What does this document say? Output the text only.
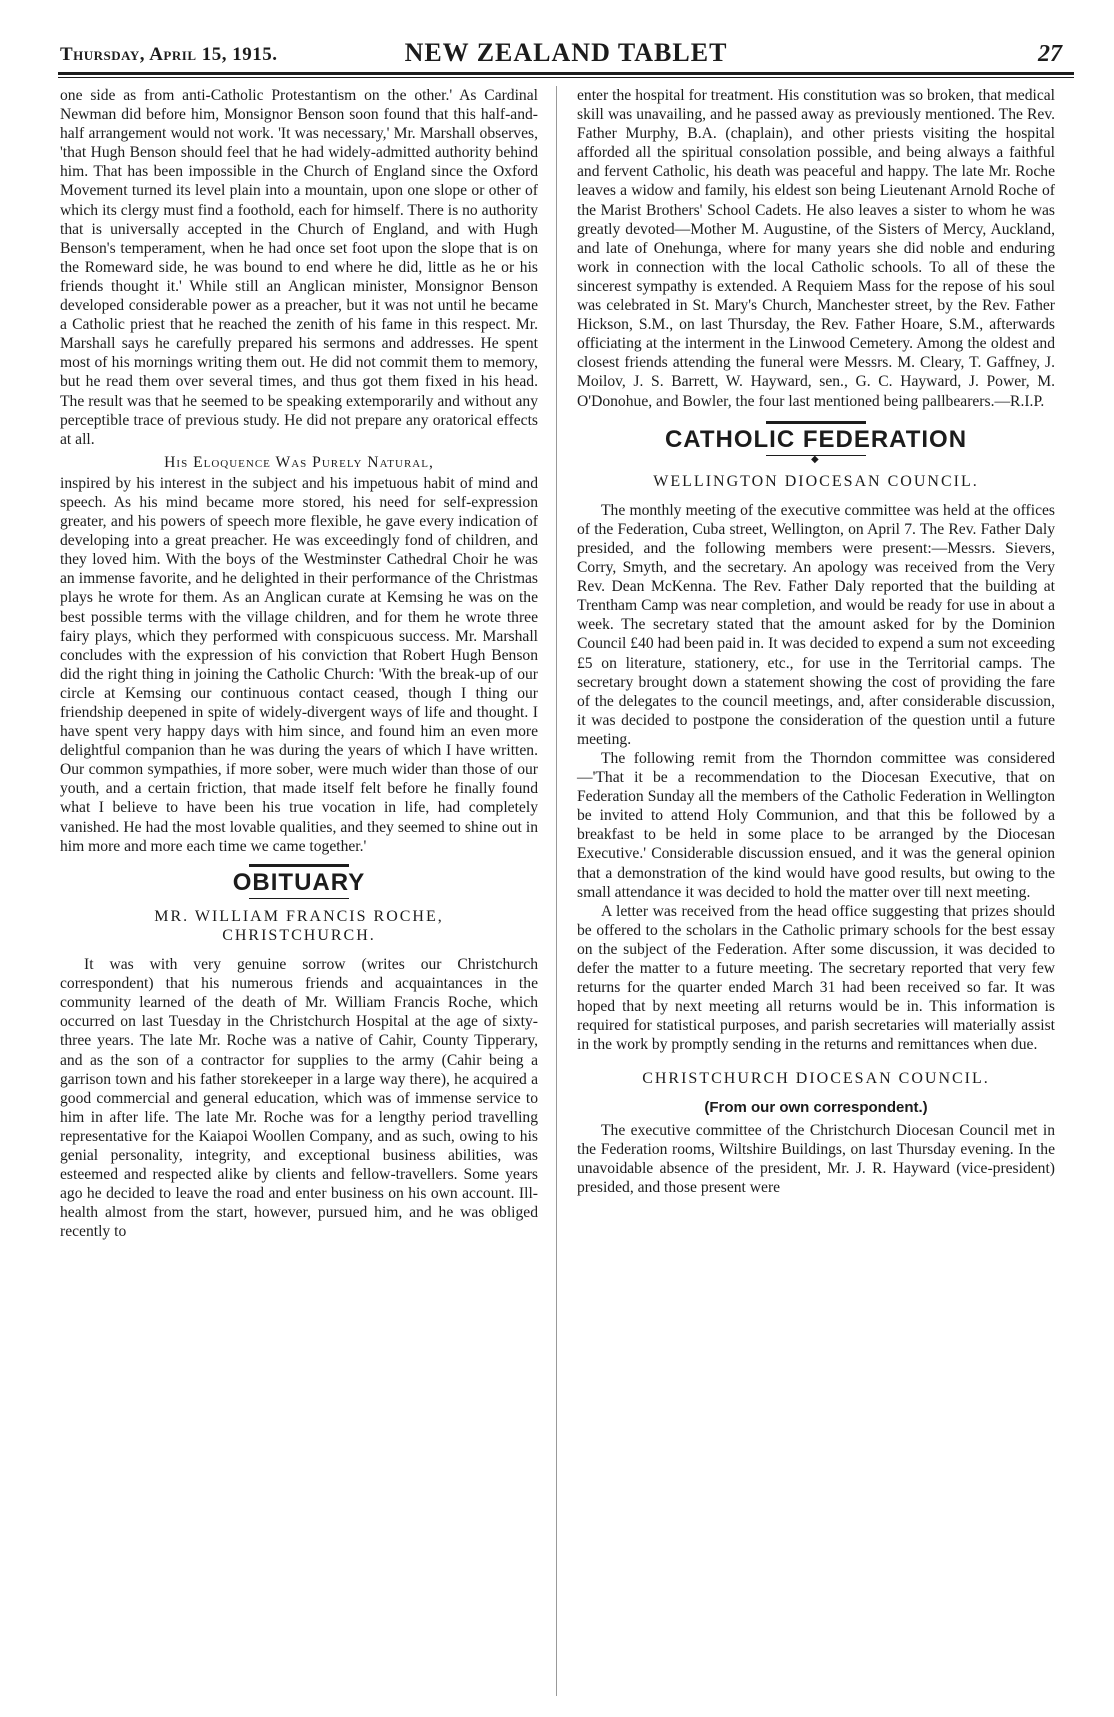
Thursday, April 15, 1915.	NEW ZEALAND TABLET	27

one side as from anti-Catholic Protestantism on the other.' As Cardinal Newman did before him, Monsignor Benson soon found that this half-and-half arrangement would not work. 'It was necessary,' Mr. Marshall observes, 'that Hugh Benson should feel that he had widely-admitted authority behind him. That has been impossible in the Church of England since the Oxford Movement turned its level plain into a mountain, upon one slope or other of which its clergy must find a foothold, each for himself. There is no authority that is universally accepted in the Church of England, and with Hugh Benson's temperament, when he had once set foot upon the slope that is on the Romeward side, he was bound to end where he did, little as he or his friends thought it.' While still an Anglican minister, Monsignor Benson developed considerable power as a preacher, but it was not until he became a Catholic priest that he reached the zenith of his fame in this respect. Mr. Marshall says he carefully prepared his sermons and addresses. He spent most of his mornings writing them out. He did not commit them to memory, but he read them over several times, and thus got them fixed in his head. The result was that he seemed to be speaking extemporarily and without any perceptible trace of previous study. He did not prepare any oratorical effects at all.

His Eloquence Was Purely Natural,

inspired by his interest in the subject and his impetuous habit of mind and speech. As his mind became more stored, his need for self-expression greater, and his powers of speech more flexible, he gave every indication of developing into a great preacher. He was exceedingly fond of children, and they loved him. With the boys of the Westminster Cathedral Choir he was an immense favorite, and he delighted in their performance of the Christmas plays he wrote for them. As an Anglican curate at Kemsing he was on the best possible terms with the village children, and for them he wrote three fairy plays, which they performed with conspicuous success. Mr. Marshall concludes with the expression of his conviction that Robert Hugh Benson did the right thing in joining the Catholic Church: 'With the break-up of our circle at Kemsing our continuous contact ceased, though I thing our friendship deepened in spite of widely-divergent ways of life and thought. I have spent very happy days with him since, and found him an even more delightful companion than he was during the years of which I have written. Our common sympathies, if more sober, were much wider than those of our youth, and a certain friction, that made itself felt before he finally found what I believe to have been his true vocation in life, had completely vanished. He had the most lovable qualities, and they seemed to shine out in him more and more each time we came together.'

OBITUARY

MR. WILLIAM FRANCIS ROCHE,

CHRISTCHURCH.

It was with very genuine sorrow (writes our Christchurch correspondent) that his numerous friends and acquaintances in the community learned of the death of Mr. William Francis Roche, which occurred on last Tuesday in the Christchurch Hospital at the age of sixty-three years. The late Mr. Roche was a native of Cahir, County Tipperary, and as the son of a contractor for supplies to the army (Cahir being a garrison town and his father storekeeper in a large way there), he acquired a good commercial and general education, which was of immense service to him in after life. The late Mr. Roche was for a lengthy period travelling representative for the Kaiapoi Woollen Company, and as such, owing to his genial personality, integrity, and exceptional business abilities, was esteemed and respected alike by clients and fellow-travellers. Some years ago he decided to leave the road and enter business on his own account. Ill-health almost from the start, however, pursued him, and he was obliged recently to

enter the hospital for treatment. His constitution was so broken, that medical skill was unavailing, and he passed away as previously mentioned. The Rev. Father Murphy, B.A. (chaplain), and other priests visiting the hospital afforded all the spiritual consolation possible, and being always a faithful and fervent Catholic, his death was peaceful and happy. The late Mr. Roche leaves a widow and family, his eldest son being Lieutenant Arnold Roche of the Marist Brothers' School Cadets. He also leaves a sister to whom he was greatly devoted—Mother M. Augustine, of the Sisters of Mercy, Auckland, and late of Onehunga, where for many years she did noble and enduring work in connection with the local Catholic schools. To all of these the sincerest sympathy is extended. A Requiem Mass for the repose of his soul was celebrated in St. Mary's Church, Manchester street, by the Rev. Father Hickson, S.M., on last Thursday, the Rev. Father Hoare, S.M., afterwards officiating at the interment in the Linwood Cemetery. Among the oldest and closest friends attending the funeral were Messrs. M. Cleary, T. Gaffney, J. Moilov, J. S. Barrett, W. Hayward, sen., G. C. Hayward, J. Power, M. O'Donohue, and Bowler, the four last mentioned being pallbearers.—R.I.P.

CATHOLIC FEDERATION
◆

WELLINGTON DIOCESAN COUNCIL.

The monthly meeting of the executive committee was held at the offices of the Federation, Cuba street, Wellington, on April 7. The Rev. Father Daly presided, and the following members were present:—Messrs. Sievers, Corry, Smyth, and the secretary. An apology was received from the Very Rev. Dean McKenna. The Rev. Father Daly reported that the building at Trentham Camp was near completion, and would be ready for use in about a week. The secretary stated that the amount asked for by the Dominion Council £40 had been paid in. It was decided to expend a sum not exceeding £5 on literature, stationery, etc., for use in the Territorial camps. The secretary brought down a statement showing the cost of providing the fare of the delegates to the council meetings, and, after considerable discussion, it was decided to postpone the consideration of the question until a future meeting.

The following remit from the Thorndon committee was considered—'That it be a recommendation to the Diocesan Executive, that on Federation Sunday all the members of the Catholic Federation in Wellington be invited to attend Holy Communion, and that this be followed by a breakfast to be held in some place to be arranged by the Diocesan Executive.' Considerable discussion ensued, and it was the general opinion that a demonstration of the kind would have good results, but owing to the small attendance it was decided to hold the matter over till next meeting.

A letter was received from the head office suggesting that prizes should be offered to the scholars in the Catholic primary schools for the best essay on the subject of the Federation. After some discussion, it was decided to defer the matter to a future meeting. The secretary reported that very few returns for the quarter ended March 31 had been received so far. It was hoped that by next meeting all returns would be in. This information is required for statistical purposes, and parish secretaries will materially assist in the work by promptly sending in the returns and remittances when due.

CHRISTCHURCH DIOCESAN COUNCIL.

(From our own correspondent.)

The executive committee of the Christchurch Diocesan Council met in the Federation rooms, Wiltshire Buildings, on last Thursday evening. In the unavoidable absence of the president, Mr. J. R. Hayward (vice-president) presided, and those present were
